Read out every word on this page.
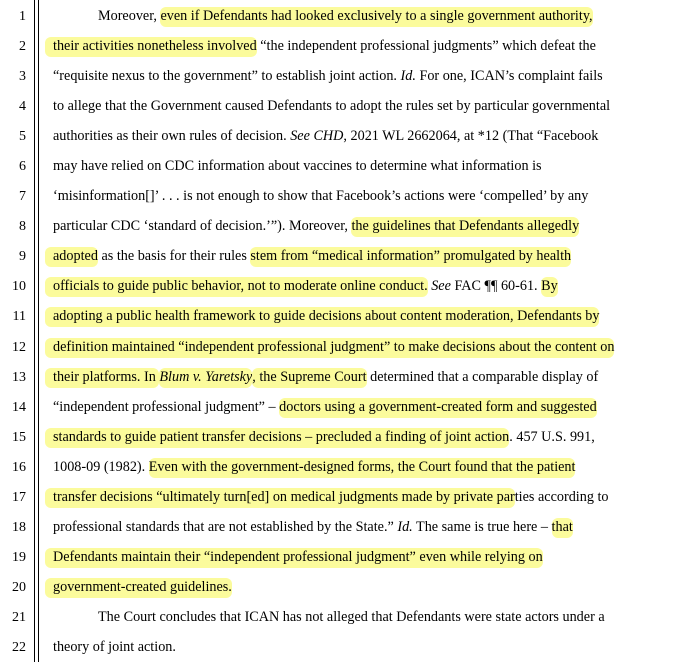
1	Moreover, even if Defendants had looked exclusively to a single government authority,
2 their activities nonetheless involved “the independent professional judgments” which defeat the
3 “requisite nexus to the government” to establish joint action. Id. For one, ICAN’s complaint fails
4 to allege that the Government caused Defendants to adopt the rules set by particular governmental
5 authorities as their own rules of decision. See CHD, 2021 WL 2662064, at *12 (That “Facebook
6 may have relied on CDC information about vaccines to determine what information is
7 ‘misinformation[]’ . . . is not enough to show that Facebook’s actions were ‘compelled’ by any
8 particular CDC ‘standard of decision.’”). Moreover, the guidelines that Defendants allegedly
9 adopted as the basis for their rules stem from “medical information” promulgated by health
10 officials to guide public behavior, not to moderate online conduct. See FAC ¶¶ 60-61. By
11 adopting a public health framework to guide decisions about content moderation, Defendants by
12 definition maintained “independent professional judgment” to make decisions about the content on
13 their platforms. In Blum v. Yaretsky, the Supreme Court determined that a comparable display of
14 “independent professional judgment” – doctors using a government-created form and suggested
15 standards to guide patient transfer decisions – precluded a finding of joint action. 457 U.S. 991,
16 1008-09 (1982). Even with the government-designed forms, the Court found that the patient
17 transfer decisions “ultimately turn[ed] on medical judgments made by private parties according to
18 professional standards that are not established by the State.” Id. The same is true here – that
19 Defendants maintain their “independent professional judgment” even while relying on
20 government-created guidelines.
21	The Court concludes that ICAN has not alleged that Defendants were state actors under a
22 theory of joint action.
